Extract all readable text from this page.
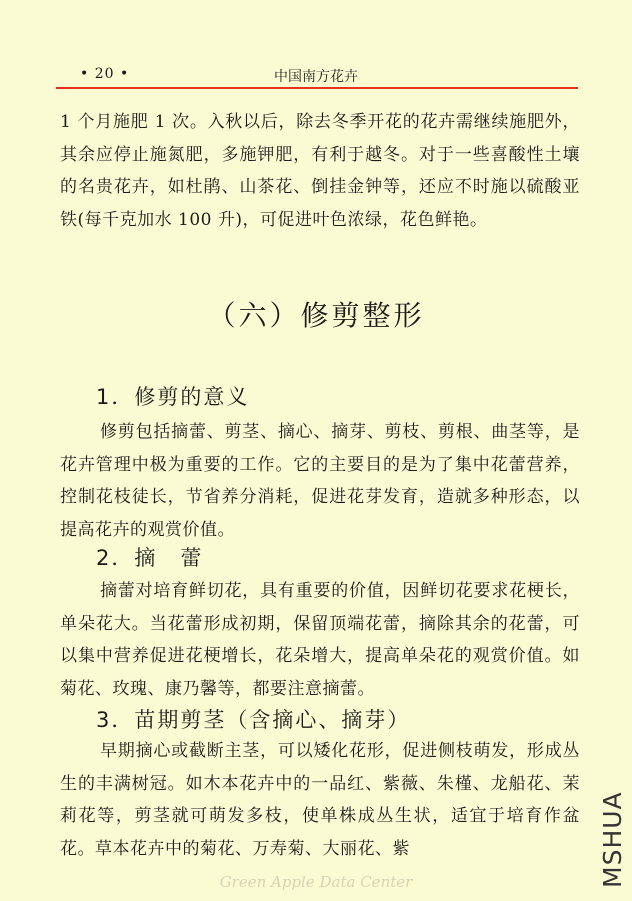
• 20 •	中国南方花卉
1 个月施肥 1 次。入秋以后，除去冬季开花的花卉需继续施肥外，其余应停止施氮肥，多施钾肥，有利于越冬。对于一些喜酸性土壤的名贵花卉，如杜鹃、山茶花、倒挂金钟等，还应不时施以硫酸亚铁(每千克加水 100 升)，可促进叶色浓绿，花色鲜艳。
（六）修剪整形
1．修剪的意义
修剪包括摘蕾、剪茎、摘心、摘芽、剪枝、剪根、曲茎等，是花卉管理中极为重要的工作。它的主要目的是为了集中花蕾营养，控制花枝徒长，节省养分消耗，促进花芽发育，造就多种形态，以提高花卉的观赏价值。
2．摘　蕾
摘蕾对培育鲜切花，具有重要的价值，因鲜切花要求花梗长，单朵花大。当花蕾形成初期，保留顶端花蕾，摘除其余的花蕾，可以集中营养促进花梗增长，花朵增大，提高单朵花的观赏价值。如菊花、玫瑰、康乃馨等，都要注意摘蕾。
3．苗期剪茎（含摘心、摘芽）
早期摘心或截断主茎，可以矮化花形，促进侧枝萌发，形成丛生的丰满树冠。如木本花卉中的一品红、紫薇、朱槿、龙船花、茉莉花等，剪茎就可萌发多枝，使单株成丛生状，适宜于培育作盆花。草本花卉中的菊花、万寿菊、大丽花、紫	MSHUA
Green Apple Data Center
